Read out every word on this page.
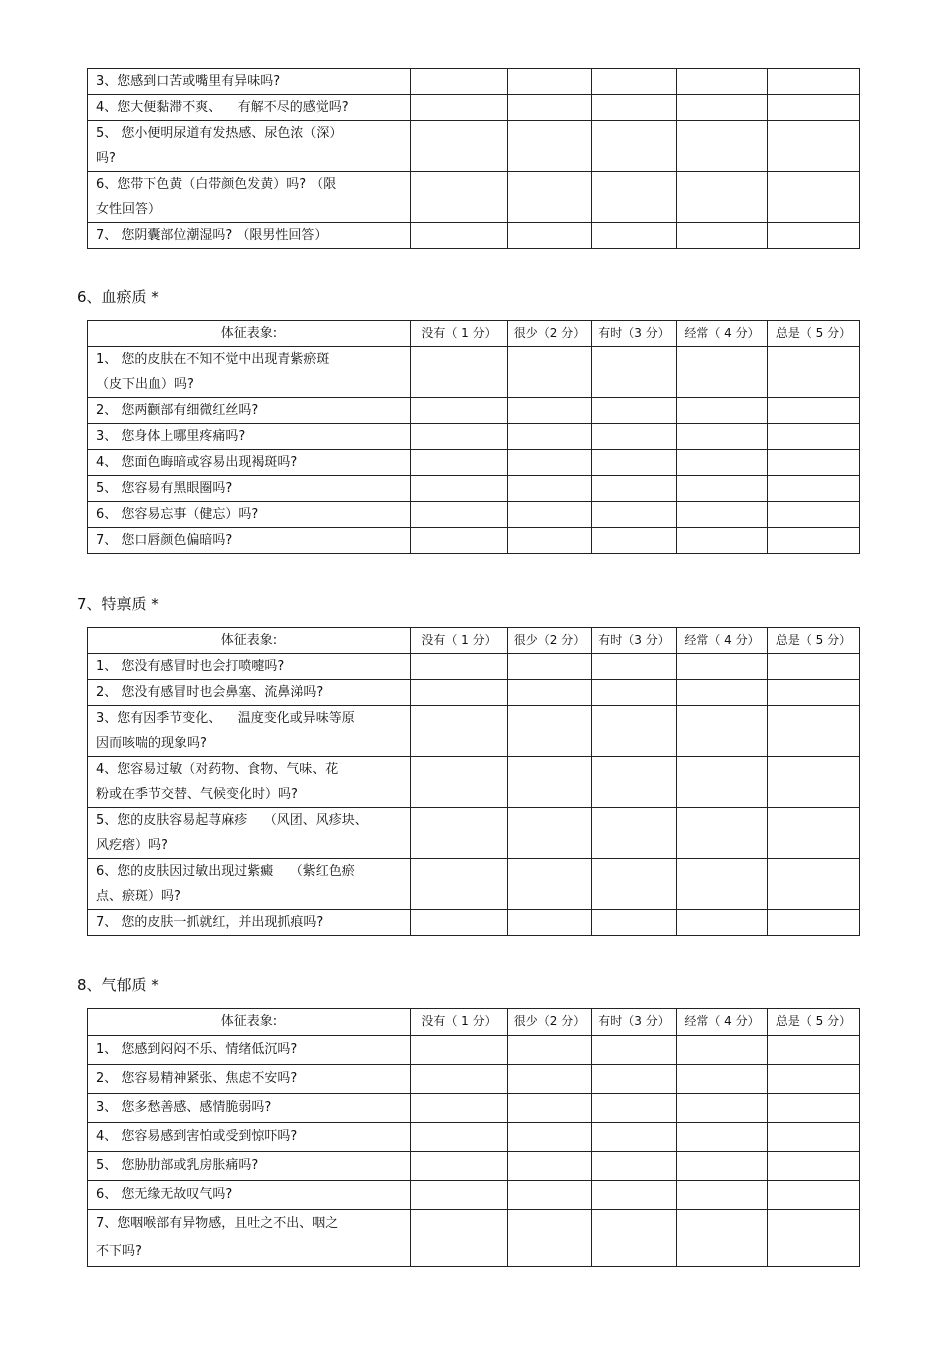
3、您感到口苦或嘴里有异味吗?					

4、您大便黏滞不爽、    有解不尽的感觉吗?					

5、 您小便明尿道有发热感、尿色浓（深）
吗?					

6、您带下色黄（白带颜色发黄）吗? （限
女性回答）					

7、 您阴囊部位潮湿吗? （限男性回答）					

6、血瘀质 *
体征表象:	没有（ 1 分）	很少（2 分）	有时（3 分）	经常（ 4 分）	总是（ 5 分）

1、 您的皮肤在不知不觉中出现青紫瘀斑
（皮下出血）吗?					

2、 您两颧部有细微红丝吗?					

3、 您身体上哪里疼痛吗?					

4、 您面色晦暗或容易出现褐斑吗?					

5、 您容易有黑眼圈吗?					

6、 您容易忘事（健忘）吗?					

7、 您口唇颜色偏暗吗?					

7、特禀质 *
体征表象:	没有（ 1 分）	很少（2 分）	有时（3 分）	经常（ 4 分）	总是（ 5 分）

1、 您没有感冒时也会打喷嚏吗?					

2、 您没有感冒时也会鼻塞、流鼻涕吗?					

3、您有因季节变化、    温度变化或异味等原
因而咳喘的现象吗?					

4、您容易过敏（对药物、食物、气味、花
粉或在季节交替、气候变化时）吗?					

5、您的皮肤容易起荨麻疹    （风团、风疹块、
风疙瘩）吗?					

6、您的皮肤因过敏出现过紫癜    （紫红色瘀
点、瘀斑）吗?					

7、 您的皮肤一抓就红，并出现抓痕吗?					

8、气郁质 *
体征表象:	没有（ 1 分）	很少（2 分）	有时（3 分）	经常（ 4 分）	总是（ 5 分）

1、 您感到闷闷不乐、情绪低沉吗?					

2、 您容易精神紧张、焦虑不安吗?					

3、 您多愁善感、感情脆弱吗?					

4、 您容易感到害怕或受到惊吓吗?					

5、 您胁肋部或乳房胀痛吗?					

6、 您无缘无故叹气吗?					

7、您咽喉部有异物感，且吐之不出、咽之
不下吗?					
